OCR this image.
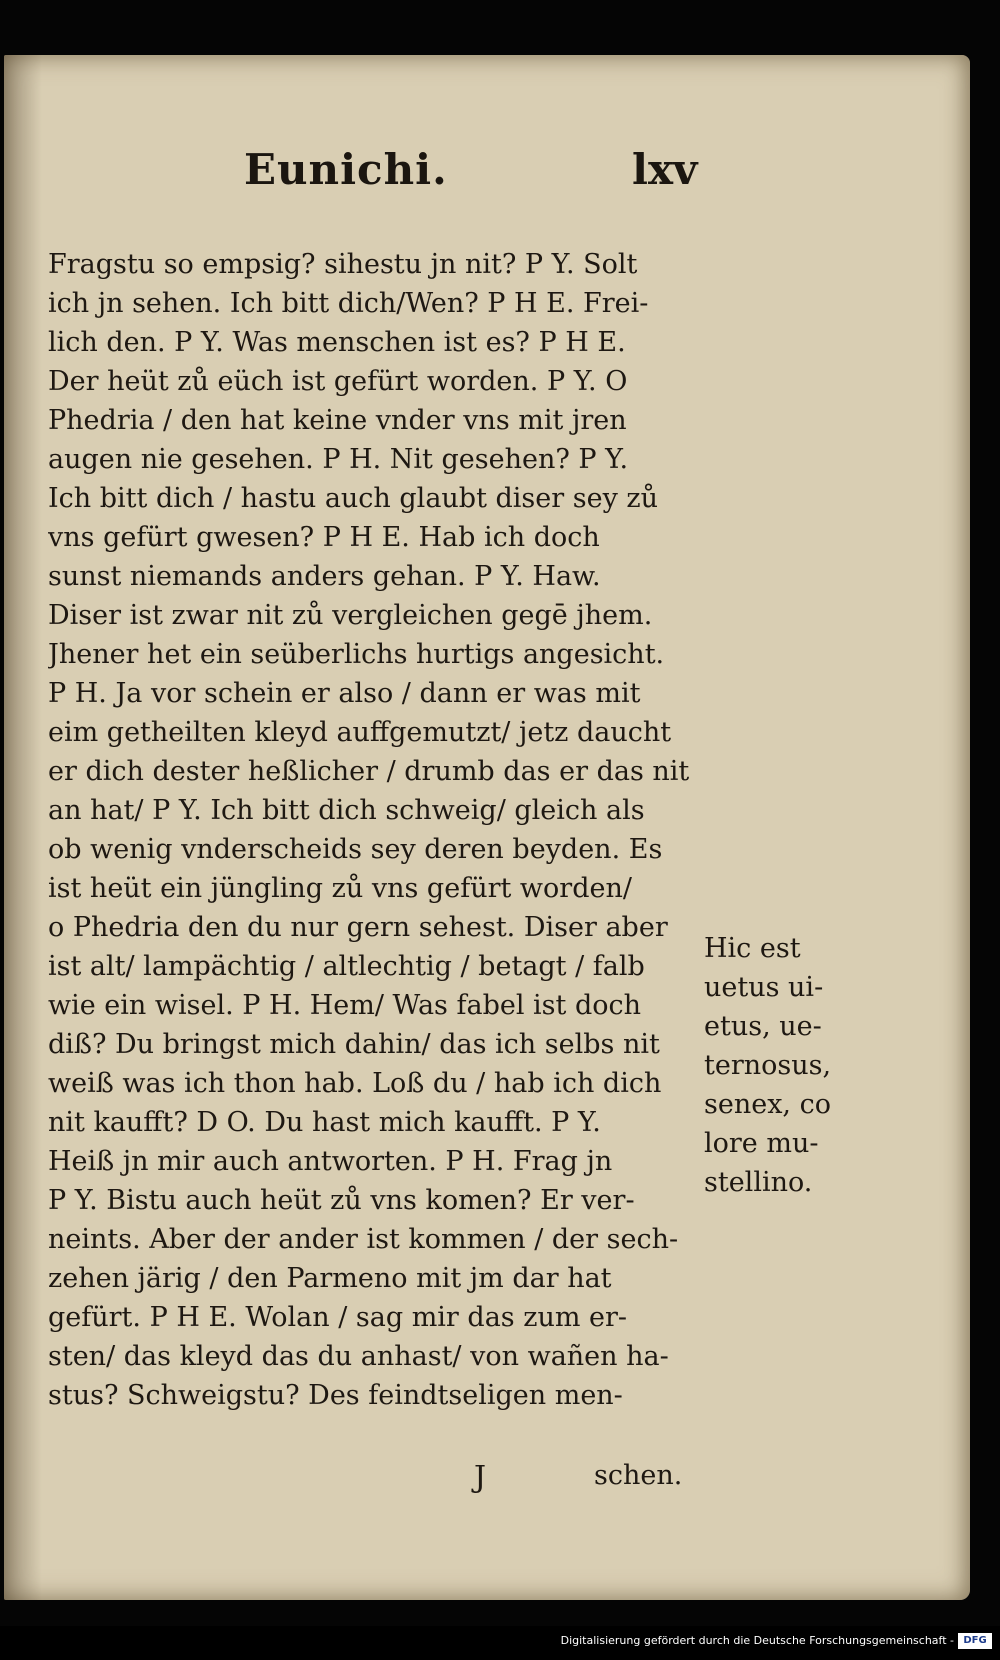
Eunichi.	lxv
Fragstu so empsig? sihestu jn nit? P Y. Solt
ich jn sehen. Ich bitt dich/Wen? P H E. Frei-
lich den. P Y. Was menschen ist es? P H E.
Der heüt zů eüch ist gefürt worden. P Y. O
Phedria / den hat keine vnder vns mit jren
augen nie gesehen. P H. Nit gesehen? P Y.
Ich bitt dich / hastu auch glaubt diser sey zů
vns gefürt gwesen? P H E. Hab ich doch
sunst niemands anders gehan. P Y. Haw.
Diser ist zwar nit zů vergleichen gegē jhem.
Jhener het ein seüberlichs hurtigs angesicht.
P H. Ja vor schein er also / dann er was mit
eim getheilten kleyd auffgemutzt/ jetz daucht
er dich dester heßlicher / drumb das er das nit
an hat/ P Y. Ich bitt dich schweig/ gleich als
ob wenig vnderscheids sey deren beyden. Es
ist heüt ein jüngling zů vns gefürt worden/
o Phedria den du nur gern sehest. Diser aber
ist alt/ lampächtig / altlechtig / betagt / falb
wie ein wisel. P H. Hem/ Was fabel ist doch
diß? Du bringst mich dahin/ das ich selbs nit
weiß was ich thon hab. Loß du / hab ich dich
nit kaufft? D O. Du hast mich kaufft. P Y.
Heiß jn mir auch antworten. P H. Frag jn
P Y. Bistu auch heüt zů vns komen? Er ver-
neints. Aber der ander ist kommen / der sech-
zehen järig / den Parmeno mit jm dar hat
gefürt. P H E. Wolan / sag mir das zum er-
sten/ das kleyd das du anhast/ von wañen ha-
stus? Schweigstu? Des feindtseligen men-
Hic est
uetus ui-
etus, ue-
ternosus,
senex, co
lore mu-
stellino.
J	schen.
Digitalisierung gefördert durch die Deutsche Forschungsgemeinschaft - DFG
